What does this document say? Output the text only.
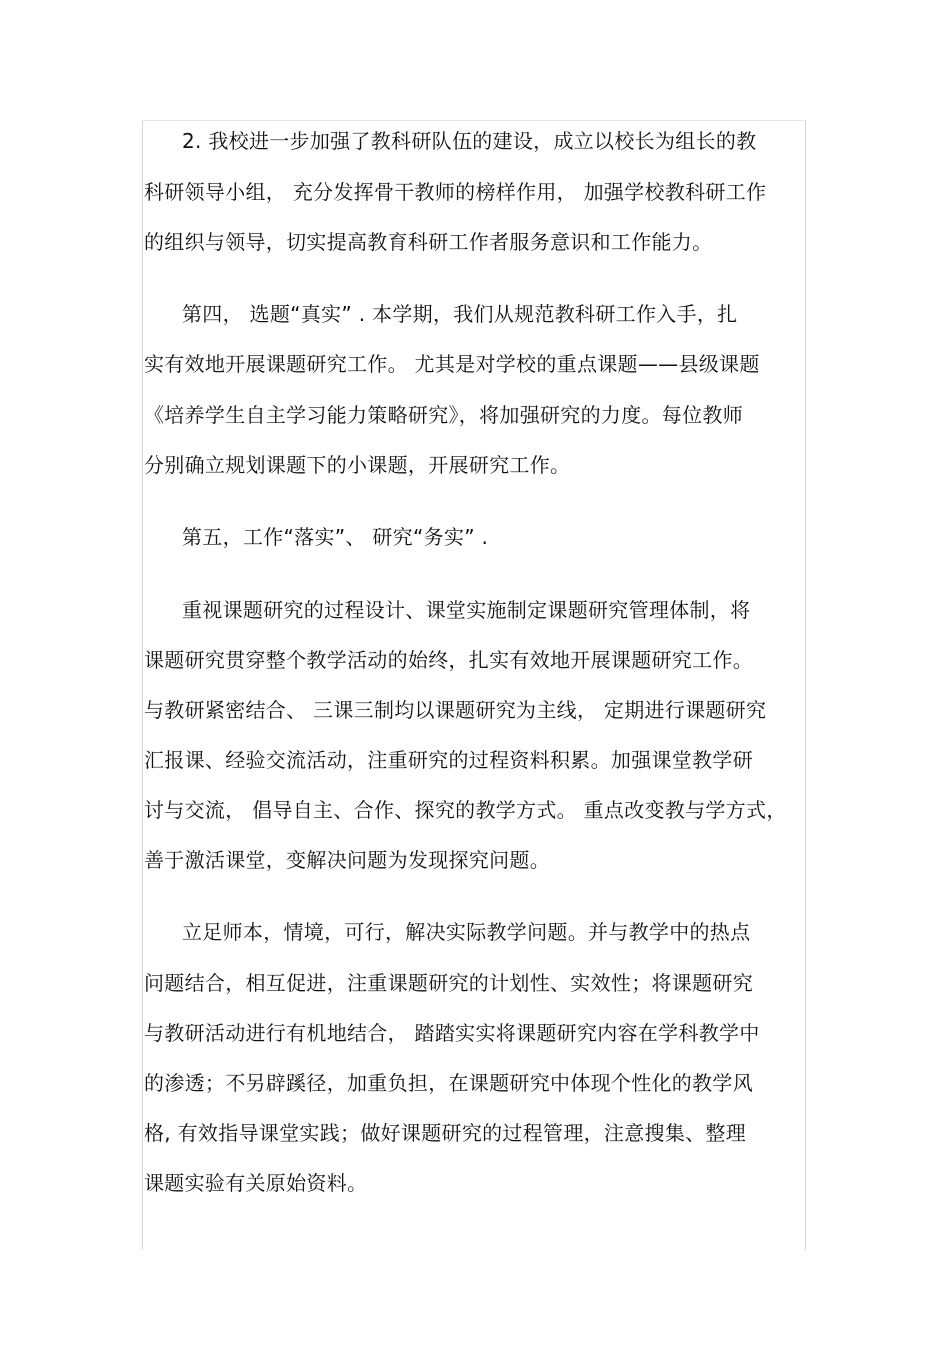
2. 我校进一步加强了教科研队伍的建设，成立以校长为组长的教
科研领导小组， 充分发挥骨干教师的榜样作用， 加强学校教科研工作
的组织与领导，切实提高教育科研工作者服务意识和工作能力。
第四， 选题“真实” . 本学期，我们从规范教科研工作入手，扎
实有效地开展课题研究工作。 尤其是对学校的重点课题——县级课题
《培养学生自主学习能力策略研究》，将加强研究的力度。每位教师
分别确立规划课题下的小课题，开展研究工作。
第五，工作“落实”、 研究“务实” .
重视课题研究的过程设计、课堂实施制定课题研究管理体制，将
课题研究贯穿整个教学活动的始终，扎实有效地开展课题研究工作。
与教研紧密结合、 三课三制均以课题研究为主线， 定期进行课题研究
汇报课、经验交流活动，注重研究的过程资料积累。加强课堂教学研
讨与交流， 倡导自主、合作、探究的教学方式。 重点改变教与学方式，
善于激活课堂，变解决问题为发现探究问题。
立足师本，情境，可行，解决实际教学问题。并与教学中的热点
问题结合，相互促进，注重课题研究的计划性、实效性；将课题研究
与教研活动进行有机地结合， 踏踏实实将课题研究内容在学科教学中
的渗透；不另辟蹊径，加重负担，在课题研究中体现个性化的教学风
格, 有效指导课堂实践；做好课题研究的过程管理，注意搜集、整理
课题实验有关原始资料。
